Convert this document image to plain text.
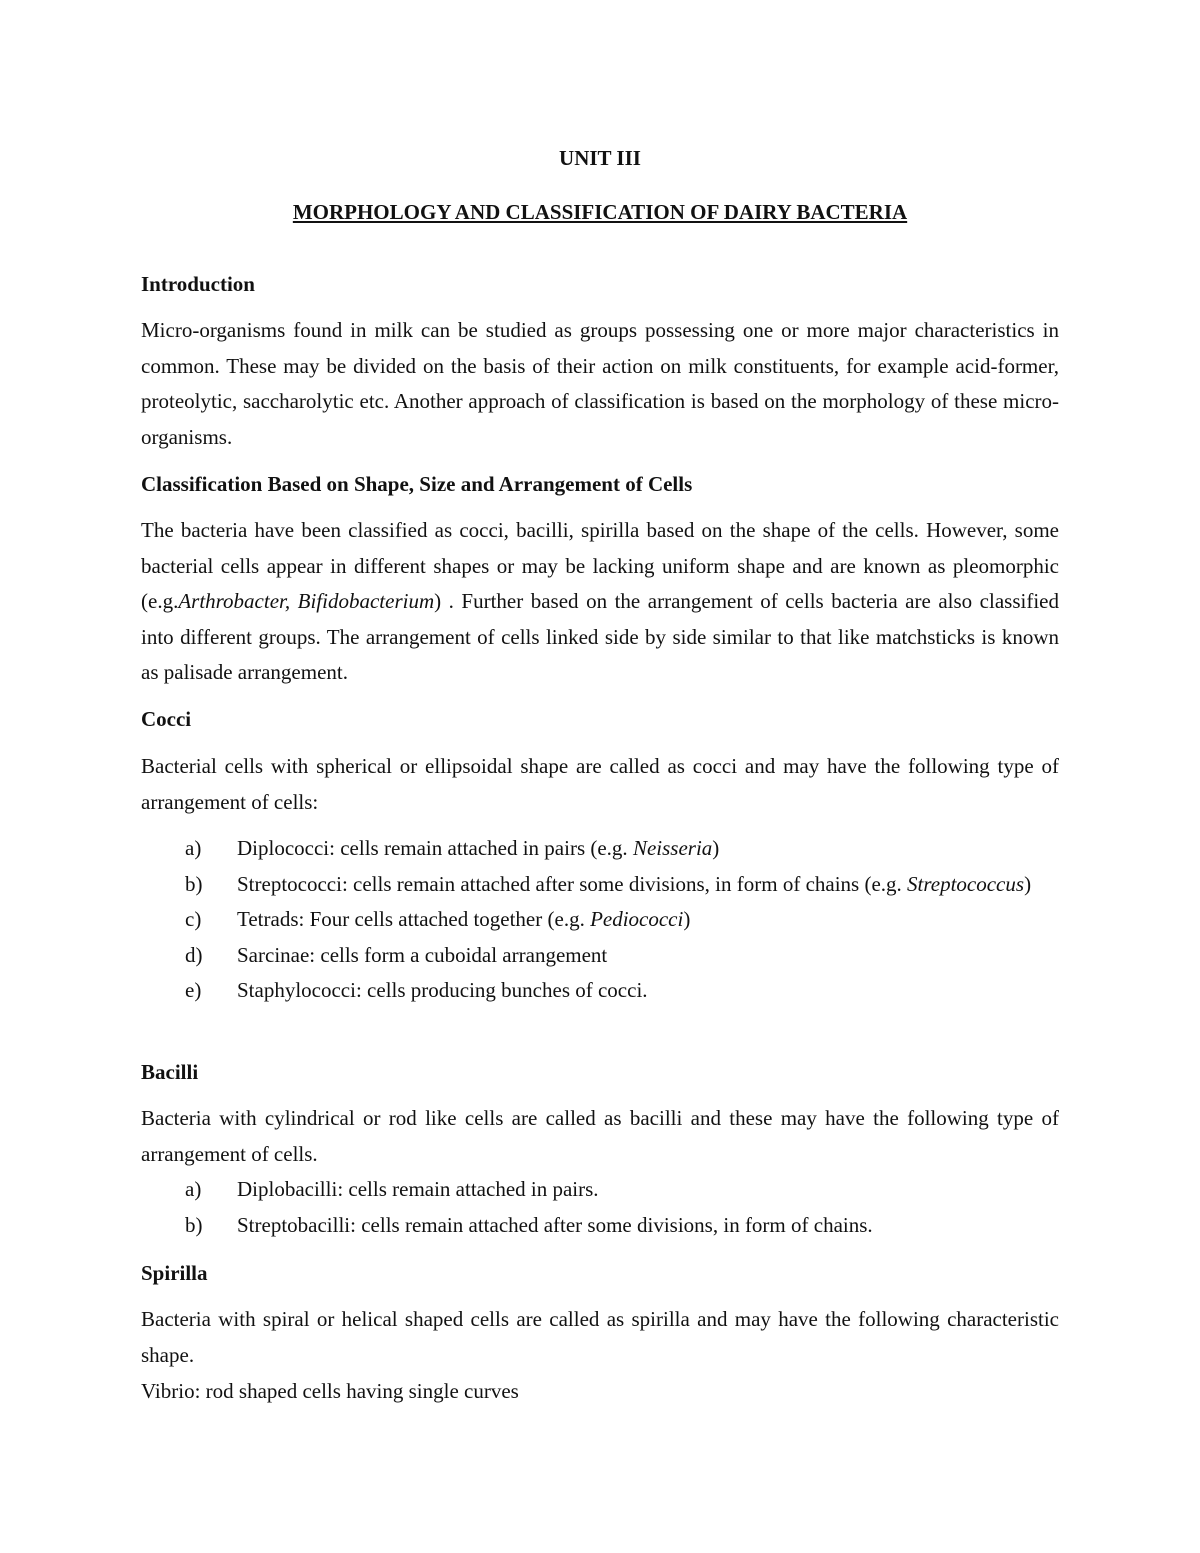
UNIT III
MORPHOLOGY AND CLASSIFICATION OF DAIRY BACTERIA
Introduction
Micro-organisms found in milk can be studied as groups possessing one or more major characteristics in common. These may be divided on the basis of their action on milk constituents, for example acid-former, proteolytic, saccharolytic etc. Another approach of classification is based on the morphology of these micro-organisms.
Classification Based on Shape, Size and Arrangement of Cells
The bacteria have been classified as cocci, bacilli, spirilla based on the shape of the cells. However, some bacterial cells appear in different shapes or may be lacking uniform shape and are known as pleomorphic (e.g.Arthrobacter, Bifidobacterium) . Further based on the arrangement of cells bacteria are also classified into different groups. The arrangement of cells linked side by side similar to that like matchsticks is known as palisade arrangement.
Cocci
Bacterial cells with spherical or ellipsoidal shape are called as cocci and may have the following type of arrangement of cells:
a) Diplococci: cells remain attached in pairs (e.g. Neisseria)
b) Streptococci: cells remain attached after some divisions, in form of chains (e.g. Streptococcus)
c) Tetrads: Four cells attached together (e.g. Pediococci)
d) Sarcinae: cells form a cuboidal arrangement
e) Staphylococci: cells producing bunches of cocci.
Bacilli
Bacteria with cylindrical or rod like cells are called as bacilli and these may have the following type of arrangement of cells.
a) Diplobacilli: cells remain attached in pairs.
b) Streptobacilli: cells remain attached after some divisions, in form of chains.
Spirilla
Bacteria with spiral or helical shaped cells are called as spirilla and may have the following characteristic shape.
Vibrio: rod shaped cells having single curves
